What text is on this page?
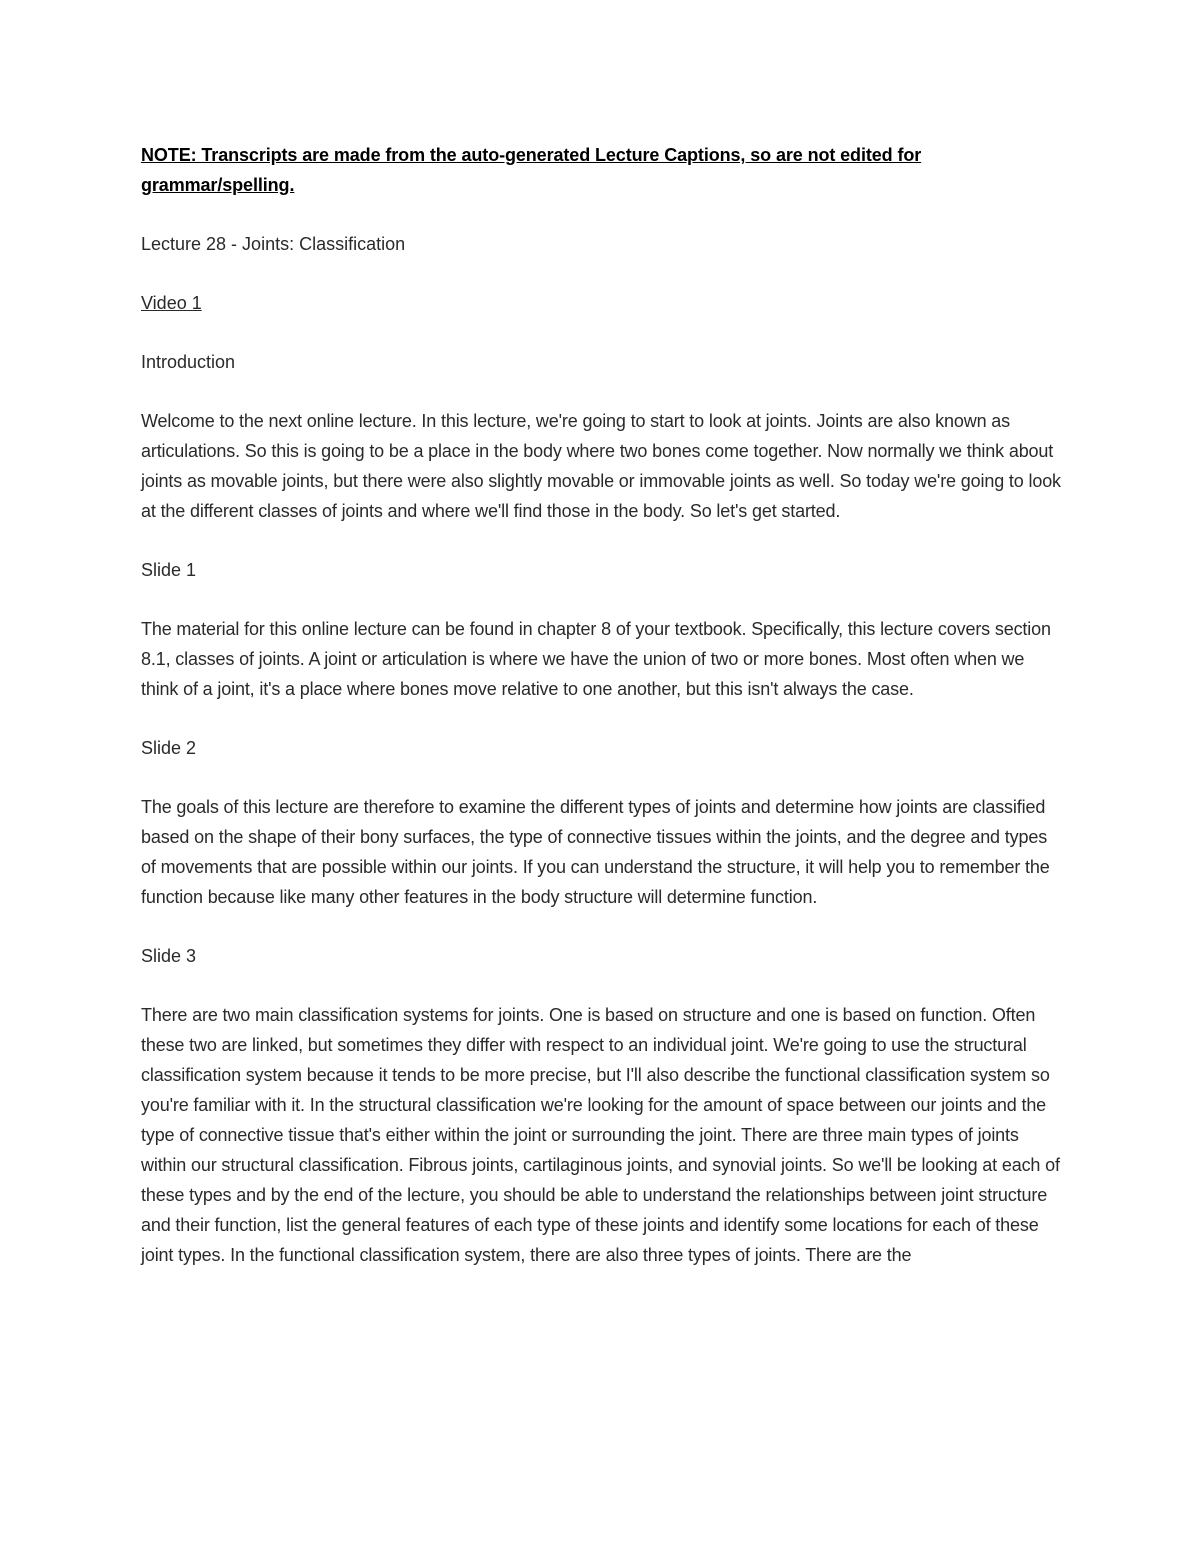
NOTE: Transcripts are made from the auto-generated Lecture Captions, so are not edited for grammar/spelling.

Lecture 28 - Joints: Classification
Video 1
Introduction

Welcome to the next online lecture. In this lecture, we're going to start to look at joints. Joints are also known as articulations. So this is going to be a place in the body where two bones come together. Now normally we think about joints as movable joints, but there were also slightly movable or immovable joints as well. So today we're going to look at the different classes of joints and where we'll find those in the body. So let's get started.

Slide 1

The material for this online lecture can be found in chapter 8 of your textbook. Specifically, this lecture covers section 8.1, classes of joints. A joint or articulation is where we have the union of two or more bones. Most often when we think of a joint, it's a place where bones move relative to one another, but this isn't always the case.

Slide 2

The goals of this lecture are therefore to examine the different types of joints and determine how joints are classified based on the shape of their bony surfaces, the type of connective tissues within the joints, and the degree and types of movements that are possible within our joints. If you can understand the structure, it will help you to remember the function because like many other features in the body structure will determine function.

Slide 3

There are two main classification systems for joints. One is based on structure and one is based on function. Often these two are linked, but sometimes they differ with respect to an individual joint. We're going to use the structural classification system because it tends to be more precise, but I'll also describe the functional classification system so you're familiar with it. In the structural classification we're looking for the amount of space between our joints and the type of connective tissue that's either within the joint or surrounding the joint. There are three main types of joints within our structural classification. Fibrous joints, cartilaginous joints, and synovial joints. So we'll be looking at each of these types and by the end of the lecture, you should be able to understand the relationships between joint structure and their function, list the general features of each type of these joints and identify some locations for each of these joint types. In the functional classification system, there are also three types of joints. There are the
